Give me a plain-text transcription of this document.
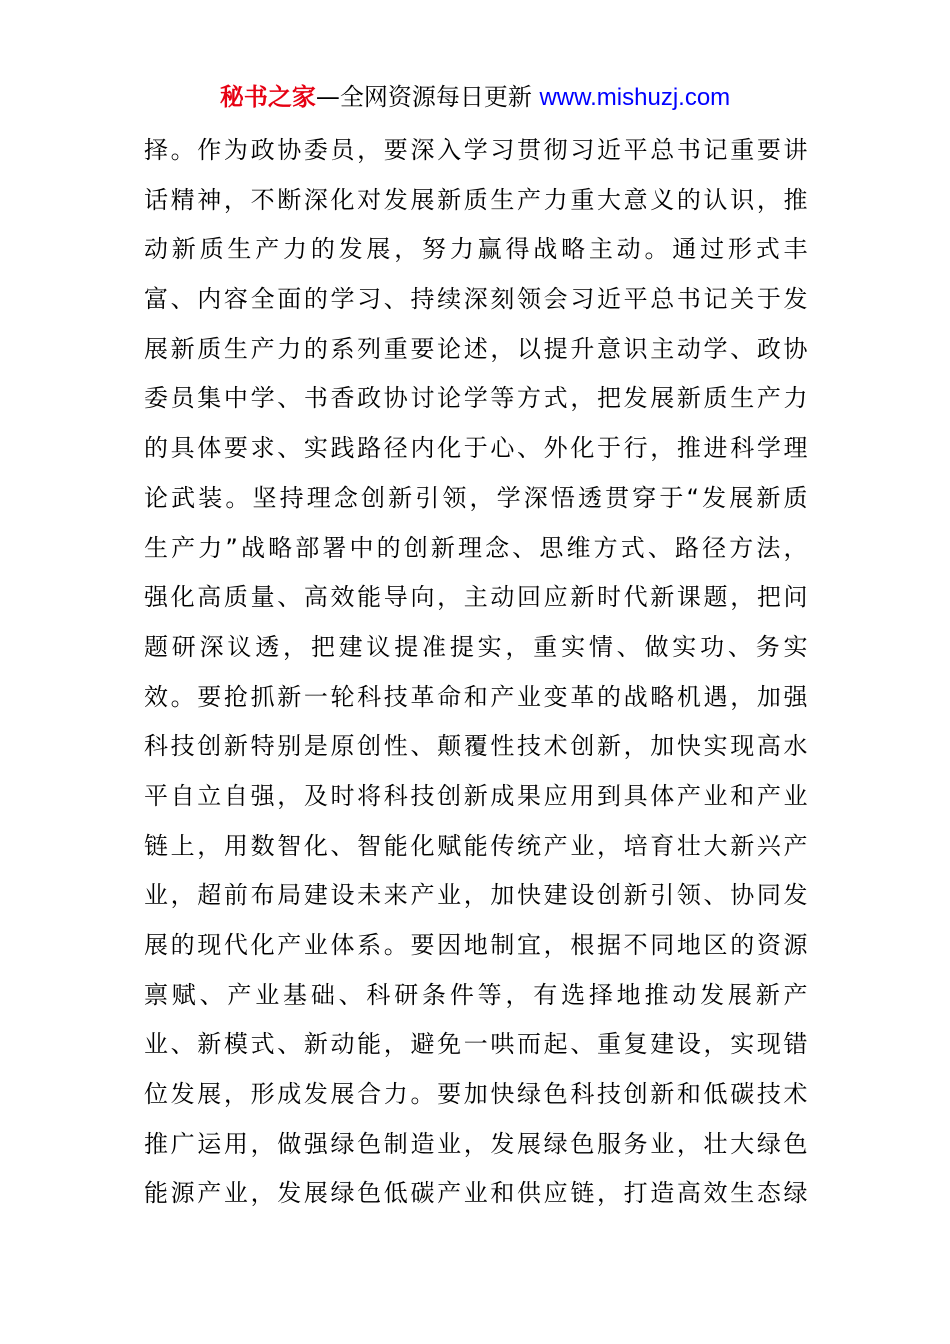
秘书之家—全网资源每日更新 www.mishuzj.com
择。作为政协委员，要深入学习贯彻习近平总书记重要讲
话精神，不断深化对发展新质生产力重大意义的认识，推
动新质生产力的发展，努力赢得战略主动。通过形式丰
富、内容全面的学习、持续深刻领会习近平总书记关于发
展新质生产力的系列重要论述，以提升意识主动学、政协
委员集中学、书香政协讨论学等方式，把发展新质生产力
的具体要求、实践路径内化于心、外化于行，推进科学理
论武装。坚持理念创新引领，学深悟透贯穿于“发展新质
生产力”战略部署中的创新理念、思维方式、路径方法，
强化高质量、高效能导向，主动回应新时代新课题，把问
题研深议透，把建议提准提实，重实情、做实功、务实
效。要抢抓新一轮科技革命和产业变革的战略机遇，加强
科技创新特别是原创性、颠覆性技术创新，加快实现高水
平自立自强，及时将科技创新成果应用到具体产业和产业
链上，用数智化、智能化赋能传统产业，培育壮大新兴产
业，超前布局建设未来产业，加快建设创新引领、协同发
展的现代化产业体系。要因地制宜，根据不同地区的资源
禀赋、产业基础、科研条件等，有选择地推动发展新产
业、新模式、新动能，避免一哄而起、重复建设，实现错
位发展，形成发展合力。要加快绿色科技创新和低碳技术
推广运用，做强绿色制造业，发展绿色服务业，壮大绿色
能源产业，发展绿色低碳产业和供应链，打造高效生态绿
